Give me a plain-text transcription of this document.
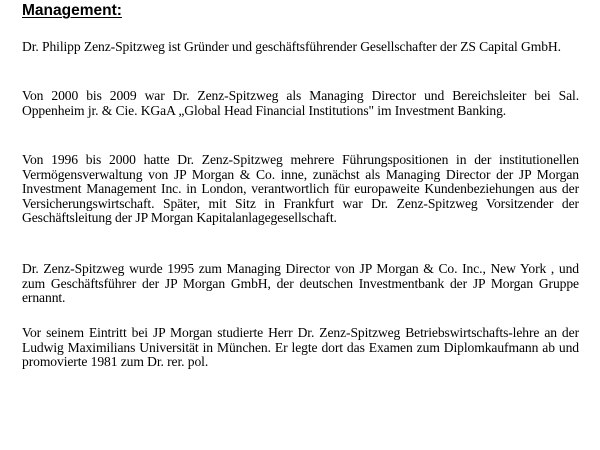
Management:

Dr. Philipp Zenz-Spitzweg ist Gründer und geschäftsführender Gesellschafter der ZS Capital GmbH.

Von 2000 bis 2009 war Dr. Zenz-Spitzweg als Managing Director und Bereichsleiter bei Sal. Oppenheim jr. & Cie. KGaA „Global Head Financial Institutions" im Investment Banking.

Von 1996 bis 2000 hatte Dr. Zenz-Spitzweg mehrere Führungspositionen in der institutionellen Vermögensverwaltung von JP Morgan & Co. inne, zunächst als Managing Director der JP Morgan Investment Management Inc. in London, verantwortlich für europaweite Kundenbeziehungen aus der Versicherungswirtschaft. Später, mit Sitz in Frankfurt war Dr. Zenz-Spitzweg Vorsitzender der Geschäftsleitung der JP Morgan Kapitalanlagegesellschaft.

Dr. Zenz-Spitzweg wurde 1995 zum Managing Director von JP Morgan & Co. Inc., New York , und zum Geschäftsführer der JP Morgan GmbH, der deutschen Investmentbank der JP Morgan Gruppe ernannt.

Vor seinem Eintritt bei JP Morgan studierte Herr Dr. Zenz-Spitzweg Betriebswirtschafts-lehre an der Ludwig Maximilians Universität in München. Er legte dort das Examen zum Diplomkaufmann ab und promovierte 1981 zum Dr. rer. pol.
